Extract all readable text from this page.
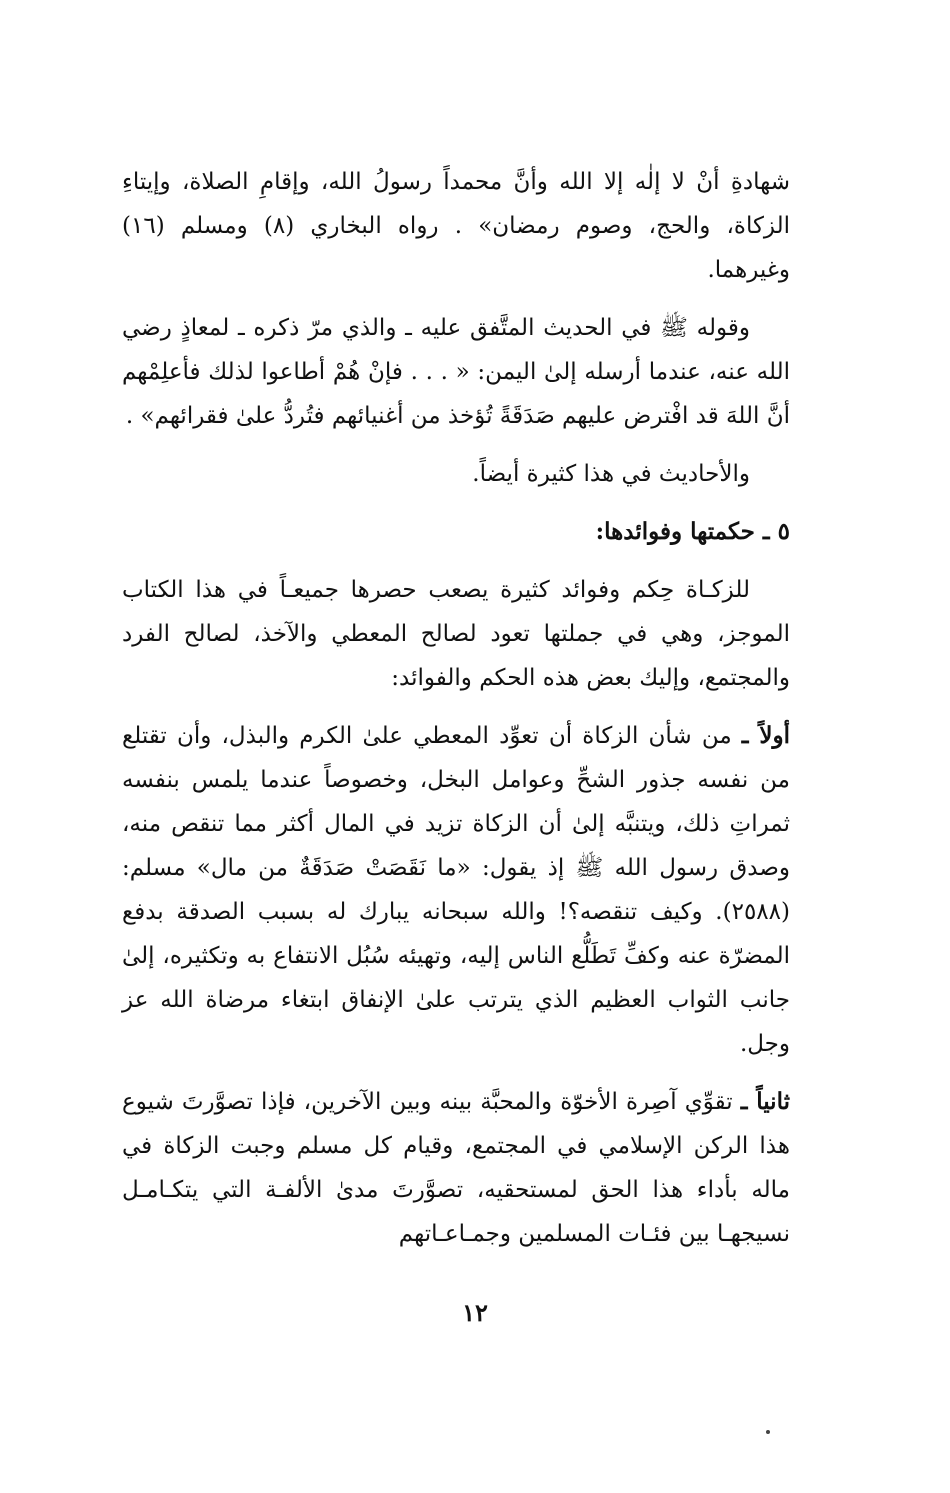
شهادةِ أنْ لا إلٰه إلا الله وأنَّ محمداً رسولُ الله، وإقامِ الصلاة، وإيتاءِ الزكاة، والحج، وصوم رمضان» . رواه البخاري (٨) ومسلم (١٦) وغيرهما.

وقوله ﷺ في الحديث المتَّفق عليه ـ والذي مرّ ذكره ـ لمعاذٍ رضي الله عنه، عندما أرسله إلىٰ اليمن: « . . . فإنْ هُمْ أطاعوا لذلك فأعلِمْهم أنَّ اللهَ قد افْترض عليهم صَدَقَةً تُؤخذ من أغنيائهم فتُردُّ علىٰ فقرائهم» .

والأحاديث في هذا كثيرة أيضاً.

٥ ـ حكمتها وفوائدها:

للزكـاة حِكم وفوائد كثيرة يصعب حصرها جميعـاً في هذا الكتاب الموجز، وهي في جملتها تعود لصالح المعطي والآخذ، لصالح الفرد والمجتمع، وإليك بعض هذه الحكم والفوائد:

أولاً ـ من شأن الزكاة أن تعوِّد المعطي علىٰ الكرم والبذل، وأن تقتلع من نفسه جذور الشحِّ وعوامل البخل، وخصوصاً عندما يلمس بنفسه ثمراتِ ذلك، ويتنبَّه إلىٰ أن الزكاة تزيد في المال أكثر مما تنقص منه، وصدق رسول الله ﷺ إذ يقول: «ما نَقَصَتْ صَدَقَةٌ من مال» مسلم: (٢٥٨٨). وكيف تنقصه؟! والله سبحانه يبارك له بسبب الصدقة بدفع المضرّة عنه وكفِّ تَطَلُّع الناس إليه، وتهيئه سُبُل الانتفاع به وتكثيره، إلىٰ جانب الثواب العظيم الذي يترتب علىٰ الإنفاق ابتغاء مرضاة الله عز وجل.

ثانياً ـ تقوِّي آصِرة الأخوّة والمحبَّة بينه وبين الآخرين، فإذا تصوَّرتَ شيوع هذا الركن الإسلامي في المجتمع، وقيام كل مسلم وجبت الزكاة في ماله بأداء هذا الحق لمستحقيه، تصوَّرتَ مدىٰ الألفـة التي يتكـامـل نسيجهـا بين فئـات المسلمين وجمـاعـاتهم

١٢
